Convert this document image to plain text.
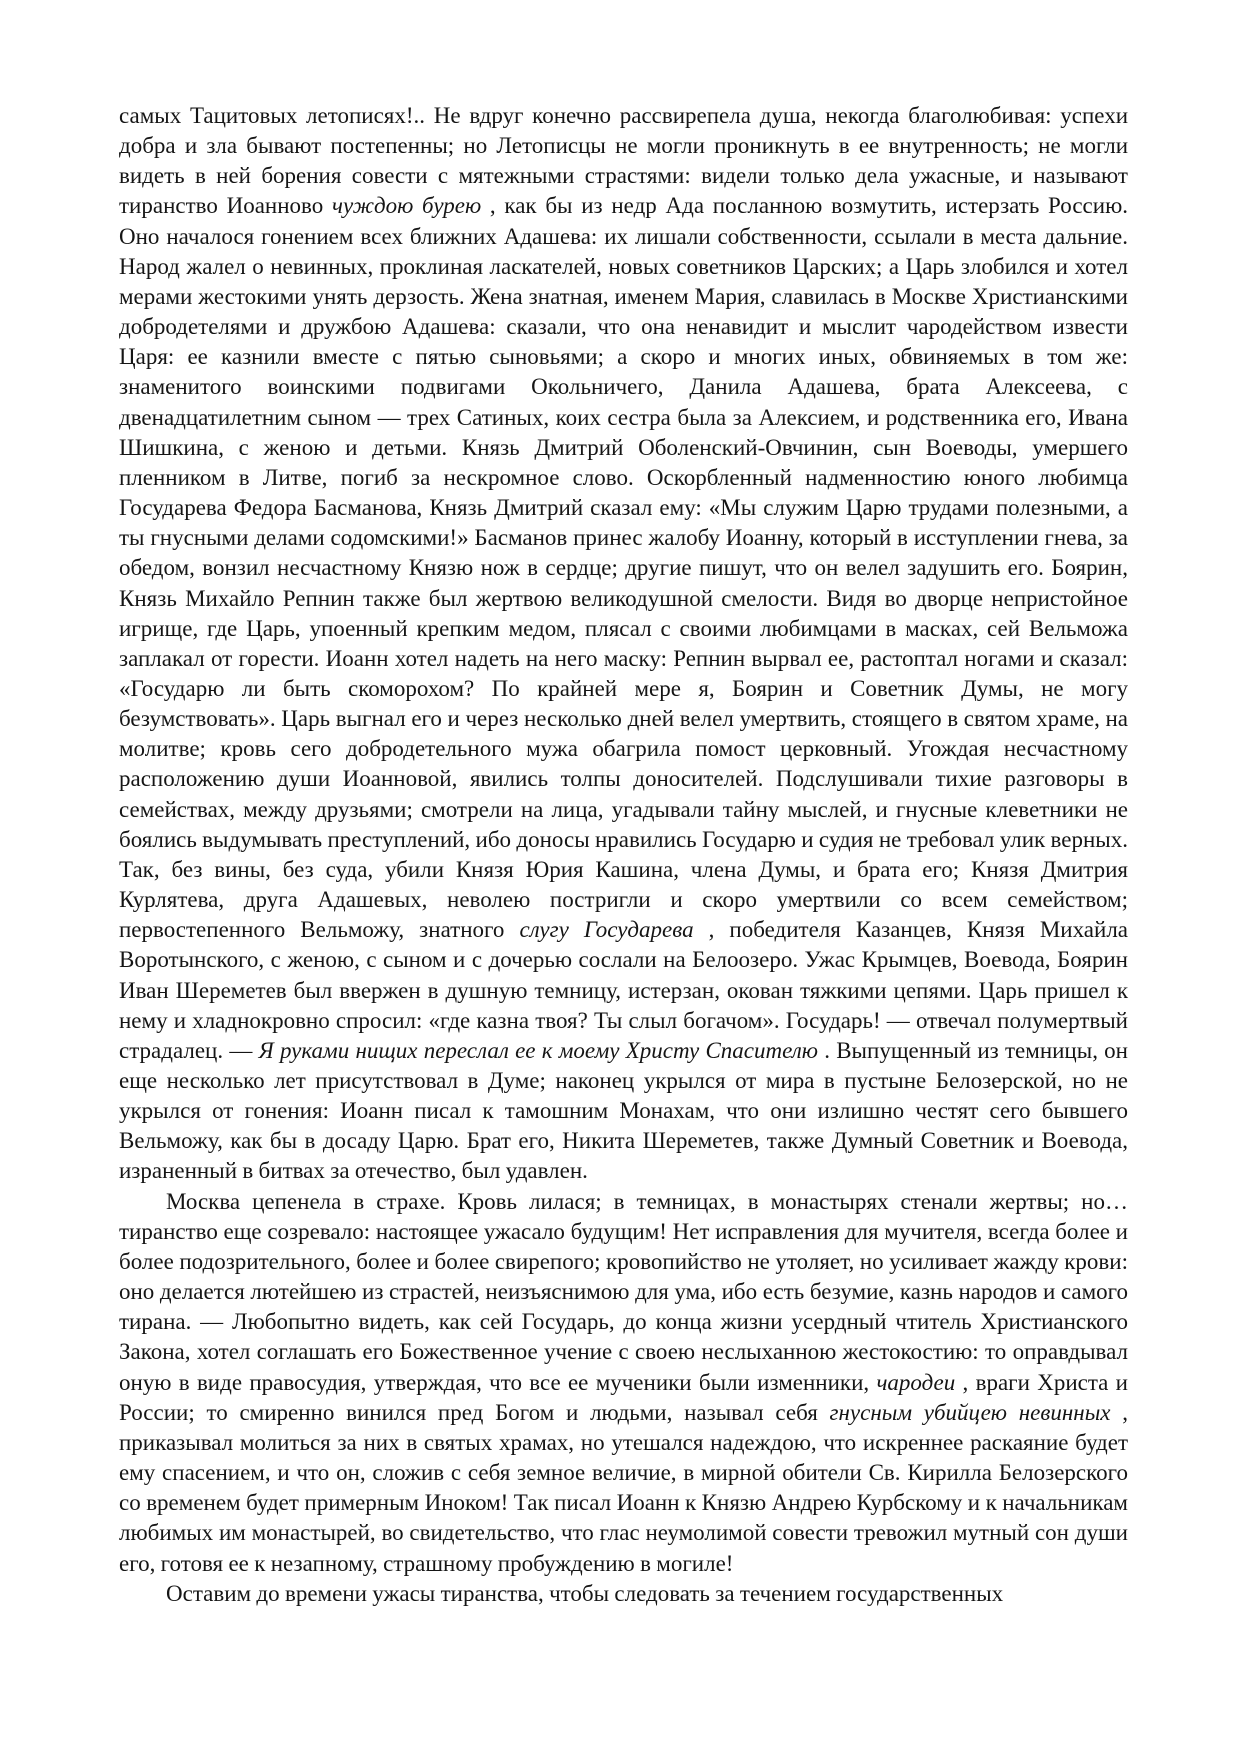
самых Тацитовых летописях!.. Не вдруг конечно рассвирепела душа, некогда благолюбивая: успехи добра и зла бывают постепенны; но Летописцы не могли проникнуть в ее внутренность; не могли видеть в ней борения совести с мятежными страстями: видели только дела ужасные, и называют тиранство Иоанново чуждою бурею , как бы из недр Ада посланною возмутить, истерзать Россию. Оно началося гонением всех ближних Адашева: их лишали собственности, ссылали в места дальние. Народ жалел о невинных, проклиная ласкателей, новых советников Царских; а Царь злобился и хотел мерами жестокими унять дерзость. Жена знатная, именем Мария, славилась в Москве Христианскими добродетелями и дружбою Адашева: сказали, что она ненавидит и мыслит чародейством извести Царя: ее казнили вместе с пятью сыновьями; а скоро и многих иных, обвиняемых в том же: знаменитого воинскими подвигами Окольничего, Данила Адашева, брата Алексеева, с двенадцатилетним сыном — трех Сатиных, коих сестра была за Алексием, и родственника его, Ивана Шишкина, с женою и детьми. Князь Дмитрий Оболенский-Овчинин, сын Воеводы, умершего пленником в Литве, погиб за нескромное слово. Оскорбленный надменностию юного любимца Государева Федора Басманова, Князь Дмитрий сказал ему: «Мы служим Царю трудами полезными, а ты гнусными делами содомскими!» Басманов принес жалобу Иоанну, который в исступлении гнева, за обедом, вонзил несчастному Князю нож в сердце; другие пишут, что он велел задушить его. Боярин, Князь Михайло Репнин также был жертвою великодушной смелости. Видя во дворце непристойное игрище, где Царь, упоенный крепким медом, плясал с своими любимцами в масках, сей Вельможа заплакал от горести. Иоанн хотел надеть на него маску: Репнин вырвал ее, растоптал ногами и сказал: «Государю ли быть скоморохом? По крайней мере я, Боярин и Советник Думы, не могу безумствовать». Царь выгнал его и через несколько дней велел умертвить, стоящего в святом храме, на молитве; кровь сего добродетельного мужа обагрила помост церковный. Угождая несчастному расположению души Иоанновой, явились толпы доносителей. Подслушивали тихие разговоры в семействах, между друзьями; смотрели на лица, угадывали тайну мыслей, и гнусные клеветники не боялись выдумывать преступлений, ибо доносы нравились Государю и судия не требовал улик верных. Так, без вины, без суда, убили Князя Юрия Кашина, члена Думы, и брата его; Князя Дмитрия Курлятева, друга Адашевых, неволею постригли и скоро умертвили со всем семейством; первостепенного Вельможу, знатного слугу Государева , победителя Казанцев, Князя Михайла Воротынского, с женою, с сыном и с дочерью сослали на Белоозеро. Ужас Крымцев, Воевода, Боярин Иван Шереметев был ввержен в душную темницу, истерзан, окован тяжкими цепями. Царь пришел к нему и хладнокровно спросил: «где казна твоя? Ты слыл богачом». Государь! — отвечал полумертвый страдалец. — Я руками нищих переслал ее к моему Христу Спасителю . Выпущенный из темницы, он еще несколько лет присутствовал в Думе; наконец укрылся от мира в пустыне Белозерской, но не укрылся от гонения: Иоанн писал к тамошним Монахам, что они излишно честят сего бывшего Вельможу, как бы в досаду Царю. Брат его, Никита Шереметев, также Думный Советник и Воевода, израненный в битвах за отечество, был удавлен.

Москва цепенела в страхе. Кровь лилася; в темницах, в монастырях стенали жертвы; но… тиранство еще созревало: настоящее ужасало будущим! Нет исправления для мучителя, всегда более и более подозрительного, более и более свирепого; кровопийство не утоляет, но усиливает жажду крови: оно делается лютейшею из страстей, неизъяснимою для ума, ибо есть безумие, казнь народов и самого тирана. — Любопытно видеть, как сей Государь, до конца жизни усердный чтитель Христианского Закона, хотел соглашать его Божественное учение с своею неслыханною жестокостию: то оправдывал оную в виде правосудия, утверждая, что все ее мученики были изменники, чародеи , враги Христа и России; то смиренно винился пред Богом и людьми, называл себя гнусным убийцею невинных , приказывал молиться за них в святых храмах, но утешался надеждою, что искреннее раскаяние будет ему спасением, и что он, сложив с себя земное величие, в мирной обители Св. Кирилла Белозерского со временем будет примерным Иноком! Так писал Иоанн к Князю Андрею Курбскому и к начальникам любимых им монастырей, во свидетельство, что глас неумолимой совести тревожил мутный сон души его, готовя ее к незапному, страшному пробуждению в могиле!

Оставим до времени ужасы тиранства, чтобы следовать за течением государственных
